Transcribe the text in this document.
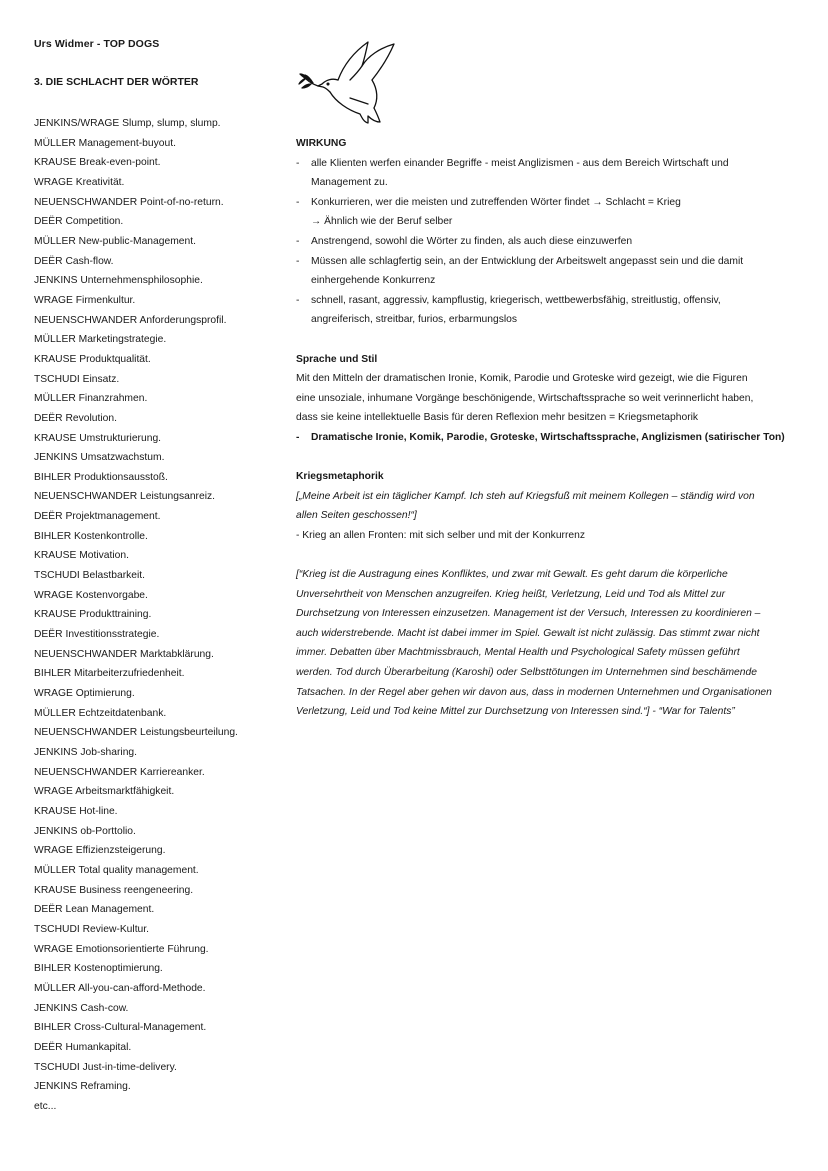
Urs Widmer - TOP DOGS
3. DIE SCHLACHT DER WÖRTER
JENKINS/WRAGE Slump, slump, slump.
MÜLLER Management-buyout.
KRAUSE Break-even-point.
WRAGE Kreativität.
NEUENSCHWANDER Point-of-no-return.
DEËR Competition.
MÜLLER New-public-Management.
DEËR Cash-flow.
JENKINS Unternehmensphilosophie.
WRAGE Firmenkultur.
NEUENSCHWANDER Anforderungsprofil.
MÜLLER Marketingstrategie.
KRAUSE Produktqualität.
TSCHUDI Einsatz.
MÜLLER Finanzrahmen.
DEËR Revolution.
KRAUSE Umstrukturierung.
JENKINS Umsatzwachstum.
BIHLER Produktionsausstoß.
NEUENSCHWANDER Leistungsanreiz.
DEËR Projektmanagement.
BIHLER Kostenkontrolle.
KRAUSE Motivation.
TSCHUDI Belastbarkeit.
WRAGE Kostenvorgabe.
KRAUSE Produkttraining.
DEËR Investitionsstrategie.
NEUENSCHWANDER Marktabklärung.
BIHLER Mitarbeiterzufriedenheit.
WRAGE Optimierung.
MÜLLER Echtzeitdatenbank.
NEUENSCHWANDER Leistungsbeurteilung.
JENKINS Job-sharing.
NEUENSCHWANDER Karriereanker.
WRAGE Arbeitsmarktfähigkeit.
KRAUSE Hot-line.
JENKINS ob-Porttolio.
WRAGE Effizienzsteigerung.
MÜLLER Total quality management.
KRAUSE Business reengeneering.
DEËR Lean Management.
TSCHUDI Review-Kultur.
WRAGE Emotionsorientierte Führung.
BIHLER Kostenoptimierung.
MÜLLER All-you-can-afford-Methode.
JENKINS Cash-cow.
BIHLER Cross-Cultural-Management.
DEËR Humankapital.
TSCHUDI Just-in-time-delivery.
JENKINS Reframing.
etc...
WIRKUNG
- alle Klienten werfen einander Begriffe - meist Anglizismen - aus dem Bereich Wirtschaft und
Management zu.
- Konkurrieren, wer die meisten und zutreffenden Wörter findet → Schlacht = Krieg
→ Ähnlich wie der Beruf selber
- Anstrengend, sowohl die Wörter zu finden, als auch diese einzuwerfen
- Müssen alle schlagfertig sein, an der Entwicklung der Arbeitswelt angepasst sein und die damit
einhergehende Konkurrenz
- schnell, rasant, aggressiv, kampflustig, kriegerisch, wettbewerbsfähig, streitlustig, offensiv,
angreiferisch, streitbar, furios, erbarmungslos
Sprache und Stil

Mit den Mitteln der dramatischen Ironie, Komik, Parodie und Groteske wird gezeigt, wie die Figuren

eine unsoziale, inhumane Vorgänge beschönigende, Wirtschaftssprache so weit verinnerlicht haben,

dass sie keine intellektuelle Basis für deren Reflexion mehr besitzen = Kriegsmetaphorik

- Dramatische Ironie, Komik, Parodie, Groteske, Wirtschaftssprache, Anglizismen (satirischer Ton)
Kriegsmetaphorik

[„Meine Arbeit ist ein täglicher Kampf. Ich steh auf Kriegsfuß mit meinem Kollegen – ständig wird von

allen Seiten geschossen!“]

- Krieg an allen Fronten: mit sich selber und mit der Konkurrenz

[“Krieg ist die Austragung eines Konfliktes, und zwar mit Gewalt. Es geht darum die körperliche

Unversehrtheit von Menschen anzugreifen. Krieg heißt, Verletzung, Leid und Tod als Mittel zur

Durchsetzung von Interessen einzusetzen. Management ist der Versuch, Interessen zu koordinieren –

auch widerstrebende. Macht ist dabei immer im Spiel. Gewalt ist nicht zulässig. Das stimmt zwar nicht

immer. Debatten über Machtmissbrauch, Mental Health und Psychological Safety müssen geführt

werden. Tod durch Überarbeitung (Karoshi) oder Selbsttötungen im Unternehmen sind beschämende

Tatsachen. In der Regel aber gehen wir davon aus, dass in modernen Unternehmen und Organisationen

Verletzung, Leid und Tod keine Mittel zur Durchsetzung von Interessen sind.“] - “War for Talents”
